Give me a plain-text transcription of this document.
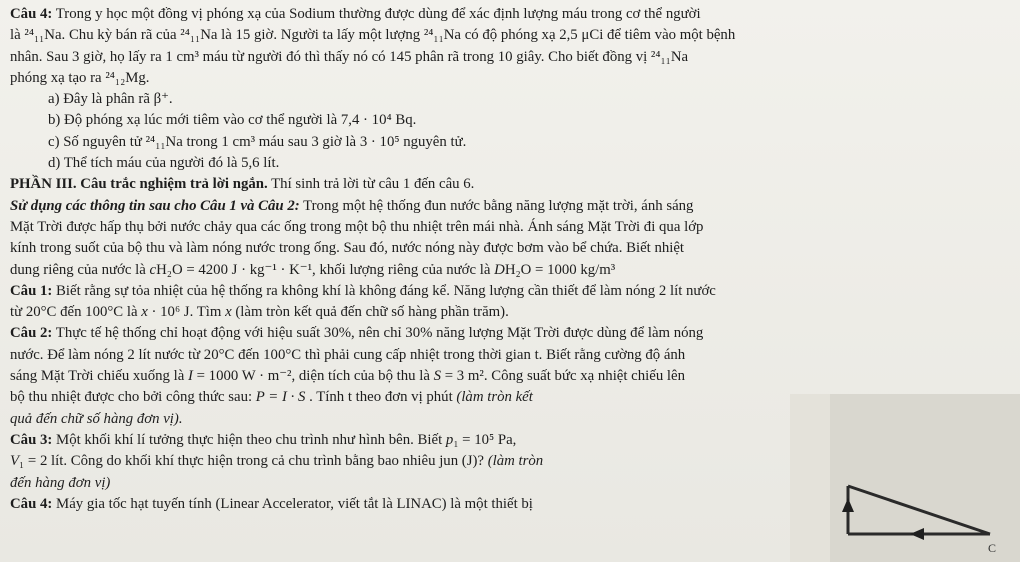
Câu 4: Trong y học một đồng vị phóng xạ của Sodium thường được dùng để xác định lượng máu trong cơ thể người
là ²⁴₁₁Na. Chu kỳ bán rã của ²⁴₁₁Na là 15 giờ. Người ta lấy một lượng ²⁴₁₁Na có độ phóng xạ 2,5 μCi để tiêm vào một bệnh
nhân. Sau 3 giờ, họ lấy ra 1 cm³ máu từ người đó thì thấy nó có 145 phân rã trong 10 giây. Cho biết đồng vị ²⁴₁₁Na
phóng xạ tạo ra ²⁴₁₂Mg.
a) Đây là phân rã β⁺.
b) Độ phóng xạ lúc mới tiêm vào cơ thể người là 7,4 · 10⁴ Bq.
c) Số nguyên tử ²⁴₁₁Na trong 1 cm³ máu sau 3 giờ là 3 · 10⁵ nguyên tử.
d) Thể tích máu của người đó là 5,6 lít.
PHẦN III. Câu trắc nghiệm trả lời ngắn. Thí sinh trả lời từ câu 1 đến câu 6.
Sử dụng các thông tin sau cho Câu 1 và Câu 2: Trong một hệ thống đun nước bằng năng lượng mặt trời, ánh sáng
Mặt Trời được hấp thụ bởi nước chảy qua các ống trong một bộ thu nhiệt trên mái nhà. Ánh sáng Mặt Trời đi qua lớp
kính trong suốt của bộ thu và làm nóng nước trong ống. Sau đó, nước nóng này được bơm vào bể chứa. Biết nhiệt
dung riêng của nước là cH₂O = 4200 J · kg⁻¹ · K⁻¹, khối lượng riêng của nước là DH₂O = 1000 kg/m³
Câu 1: Biết rằng sự tỏa nhiệt của hệ thống ra không khí là không đáng kể. Năng lượng cần thiết để làm nóng 2 lít nước
từ 20°C đến 100°C là x · 10⁶ J. Tìm x (làm tròn kết quả đến chữ số hàng phần trăm).
Câu 2: Thực tế hệ thống chỉ hoạt động với hiệu suất 30%, nên chỉ 30% năng lượng Mặt Trời được dùng để làm nóng
nước. Để làm nóng 2 lít nước từ 20°C đến 100°C thì phải cung cấp nhiệt trong thời gian t. Biết rằng cường độ ánh
sáng Mặt Trời chiếu xuống là I = 1000 W · m⁻², diện tích của bộ thu là S = 3 m². Công suất bức xạ nhiệt chiếu lên
bộ thu nhiệt được cho bởi công thức sau: P = I · S . Tính t theo đơn vị phút (làm tròn kết
quả đến chữ số hàng đơn vị).
Câu 3: Một khối khí lí tưởng thực hiện theo chu trình như hình bên. Biết p₁ = 10⁵ Pa,
V₁ = 2 lít. Công do khối khí thực hiện trong cả chu trình bằng bao nhiêu jun (J)? (làm tròn
đến hàng đơn vị)
Câu 4: Máy gia tốc hạt tuyến tính (Linear Accelerator, viết tắt là LINAC) là một thiết bị
C
